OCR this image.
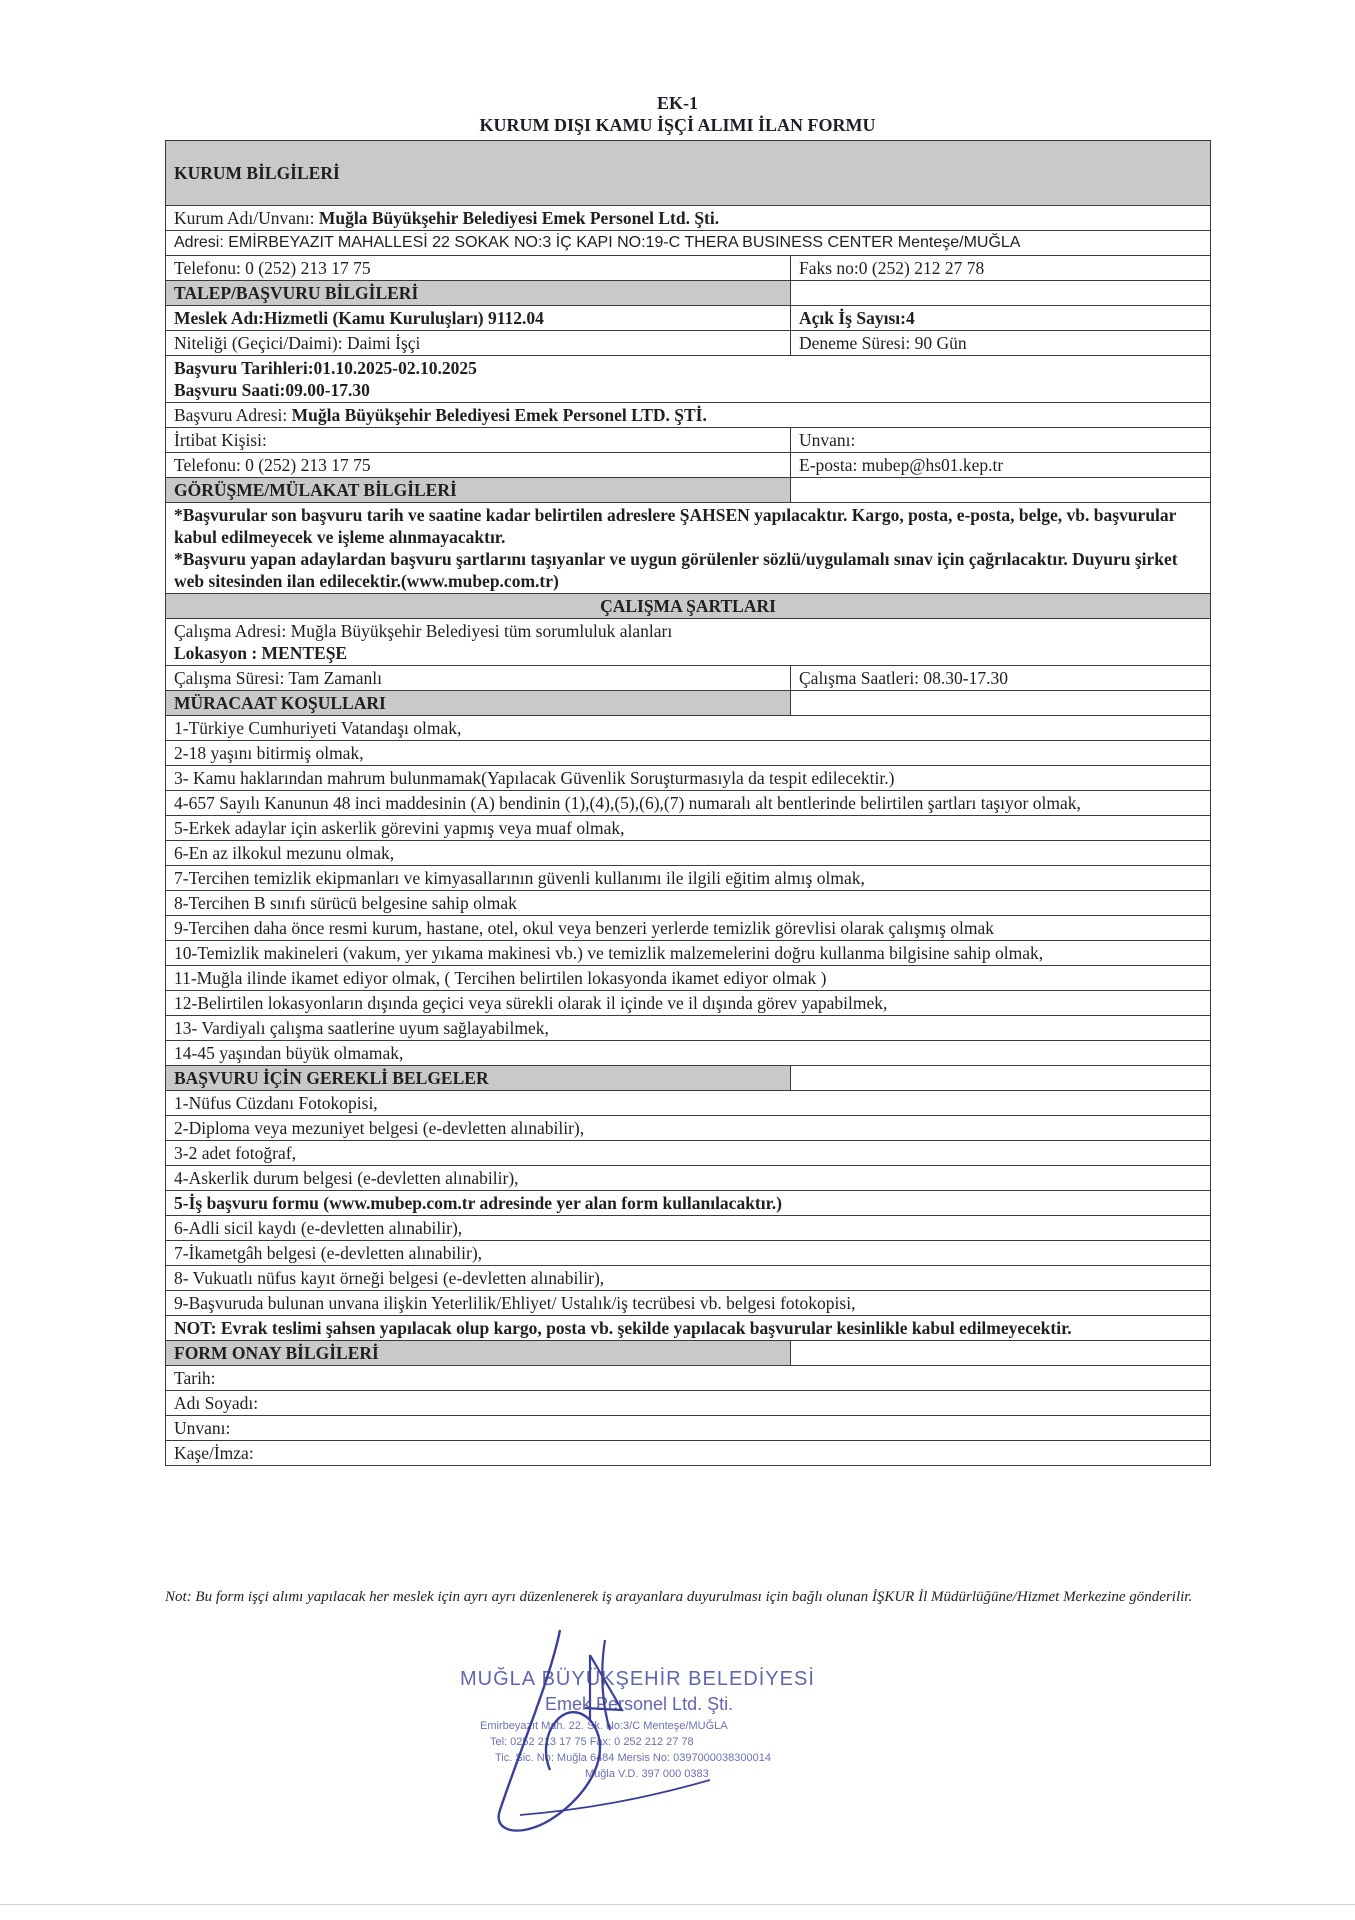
EK-1
KURUM DIŞI KAMU İŞÇİ ALIMI İLAN FORMU
KURUM BİLGİLERİ	
Kurum Adı/Unvanı: Muğla Büyükşehir Belediyesi Emek Personel Ltd. Şti.	
Adresi: EMİRBEYAZIT MAHALLESİ 22 SOKAK NO:3 İÇ KAPI NO:19-C THERA BUSINESS CENTER Menteşe/MUĞLA	
Telefonu: 0 (252) 213 17 75	Faks no:0 (252) 212 27 78
TALEP/BAŞVURU BİLGİLERİ	
Meslek Adı:Hizmetli (Kamu Kuruluşları) 9112.04	Açık İş Sayısı:4
Niteliği (Geçici/Daimi): Daimi İşçi	Deneme Süresi: 90 Gün

Başvuru Tarihleri:01.10.2025-02.10.2025
Başvuru Saati:09.00-17.30	

Başvuru Adresi: Muğla Büyükşehir Belediyesi Emek Personel LTD. ŞTİ.	
İrtibat Kişisi:	Unvanı:
Telefonu: 0 (252) 213 17 75	E-posta: mubep@hs01.kep.tr
GÖRÜŞME/MÜLAKAT BİLGİLERİ	

*Başvurular son başvuru tarih ve saatine kadar belirtilen adreslere ŞAHSEN yapılacaktır. Kargo, posta, e-posta, belge, vb. başvurular kabul edilmeyecek ve işleme alınmayacaktır.
*Başvuru yapan adaylardan başvuru şartlarını taşıyanlar ve uygun görülenler sözlü/uygulamalı sınav için çağrılacaktır. Duyuru şirket web sitesinden ilan edilecektir.(www.mubep.com.tr)	

ÇALIŞMA ŞARTLARI	

Çalışma Adresi: Muğla Büyükşehir Belediyesi tüm sorumluluk alanları
Lokasyon : MENTEŞE	

Çalışma Süresi: Tam Zamanlı	Çalışma Saatleri: 08.30-17.30
MÜRACAAT KOŞULLARI	
1-Türkiye Cumhuriyeti Vatandaşı olmak,	
2-18 yaşını bitirmiş olmak,	
3- Kamu haklarından mahrum bulunmamak(Yapılacak Güvenlik Soruşturmasıyla da tespit edilecektir.)	
4-657 Sayılı Kanunun 48 inci maddesinin (A) bendinin (1),(4),(5),(6),(7) numaralı alt bentlerinde belirtilen şartları taşıyor olmak,	
5-Erkek adaylar için askerlik görevini yapmış veya muaf olmak,	
6-En az ilkokul mezunu olmak,	
7-Tercihen temizlik ekipmanları ve kimyasallarının güvenli kullanımı ile ilgili eğitim almış olmak,	
8-Tercihen B sınıfı sürücü belgesine sahip olmak	
9-Tercihen daha önce resmi kurum, hastane, otel, okul veya benzeri yerlerde temizlik görevlisi olarak çalışmış olmak	
10-Temizlik makineleri (vakum, yer yıkama makinesi vb.) ve temizlik malzemelerini doğru kullanma bilgisine sahip olmak,	
11-Muğla ilinde ikamet ediyor olmak, ( Tercihen belirtilen lokasyonda ikamet ediyor olmak )	
12-Belirtilen lokasyonların dışında geçici veya sürekli olarak il içinde ve il dışında görev yapabilmek,	
13- Vardiyalı çalışma saatlerine uyum sağlayabilmek,	
14-45 yaşından büyük olmamak,	
BAŞVURU İÇİN GEREKLİ BELGELER	
1-Nüfus Cüzdanı Fotokopisi,	
2-Diploma veya mezuniyet belgesi (e-devletten alınabilir),	
3-2 adet fotoğraf,	
4-Askerlik durum belgesi (e-devletten alınabilir),	
5-İş başvuru formu (www.mubep.com.tr adresinde yer alan form kullanılacaktır.)	
6-Adli sicil kaydı (e-devletten alınabilir),	
7-İkametgâh belgesi (e-devletten alınabilir),	
8- Vukuatlı nüfus kayıt örneği belgesi (e-devletten alınabilir),	
9-Başvuruda bulunan unvana ilişkin Yeterlilik/Ehliyet/ Ustalık/iş tecrübesi vb. belgesi fotokopisi,	
NOT: Evrak teslimi şahsen yapılacak olup kargo, posta vb. şekilde yapılacak başvurular kesinlikle kabul edilmeyecektir.	
FORM ONAY BİLGİLERİ	
Tarih:	
Adı Soyadı:	
Unvanı:	
Kaşe/İmza:	
Not: Bu form işçi alımı yapılacak her meslek için ayrı ayrı düzenlenerek iş arayanlara duyurulması için bağlı olunan İŞKUR İl Müdürlüğüne/Hizmet Merkezine gönderilir.
MUĞLA BÜYÜKŞEHİR BELEDİYESİ
Emek Personel Ltd. Şti.
Emirbeyazıt Mah. 22. Sk. No:3/C Menteşe/MUĞLA
Tel: 0252 213 17 75 Fax: 0 252 212 27 78
Tic. Sic. No: Muğla 6484 Mersis No: 0397000038300014
Muğla V.D. 397 000 0383
